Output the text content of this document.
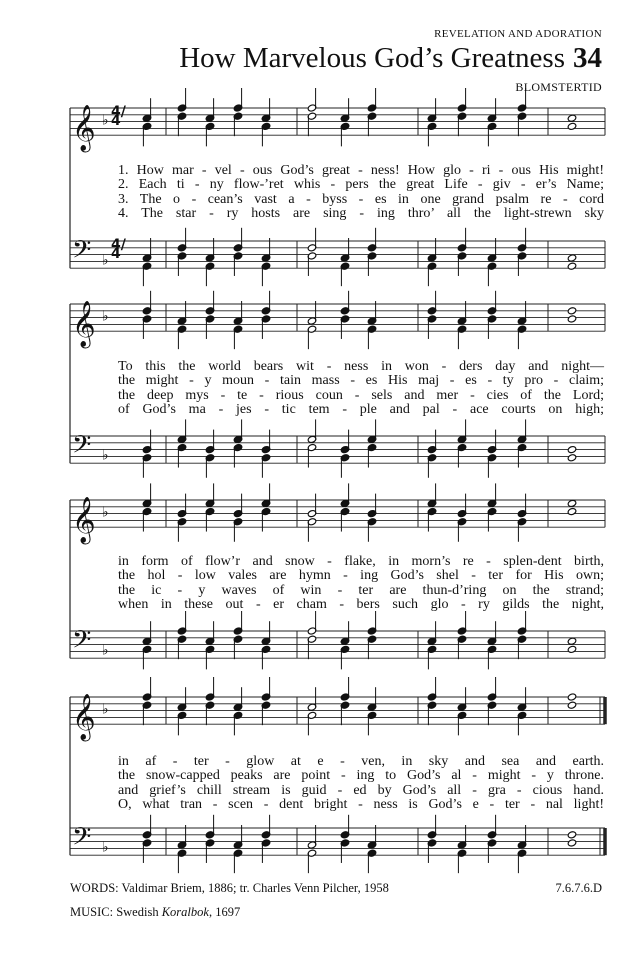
REVELATION AND ADORATION
How Marvelous God’s Greatness 34
BLOMSTERTID
𝄞 ♭
𝄢 ♭
𝄞 ♭
𝄢 ♭
𝄞 ♭
𝄢 ♭
𝄞 ♭
𝄢 ♭
4/4
4/4
1. How mar - vel - ous God’s great - ness! How glo - ri - ous His might!
2. Each ti - ny flow-’ret whis - pers the great Life - giv - er’s Name;
3. The o - cean’s vast a - byss - es in one grand psalm re - cord
4. The star - ry hosts are sing - ing thro’ all the light-strewn sky
To this the world bears wit - ness in won - ders day and night—
the might - y moun - tain mass - es His maj - es - ty pro - claim;
the deep mys - te - rious coun - sels and mer - cies of the Lord;
of God’s ma - jes - tic tem - ple and pal - ace courts on high;
in form of flow’r and snow - flake, in morn’s re - splen-dent birth,
the hol - low vales are hymn - ing God’s shel - ter for His own;
the ic - y waves of win - ter are thun-d’ring on the strand;
when in these out - er cham - bers such glo - ry gilds the night,
in af - ter - glow at e - ven, in sky and sea and earth.
the snow-capped peaks are point - ing to God’s al - might - y throne.
and grief’s chill stream is guid - ed by God’s all - gra - cious hand.
O, what tran - scen - dent bright - ness is God’s e - ter - nal light!
WORDS: Valdimar Briem, 1886; tr. Charles Venn Pilcher, 1958	7.6.7.6.D
MUSIC: Swedish Koralbok, 1697
